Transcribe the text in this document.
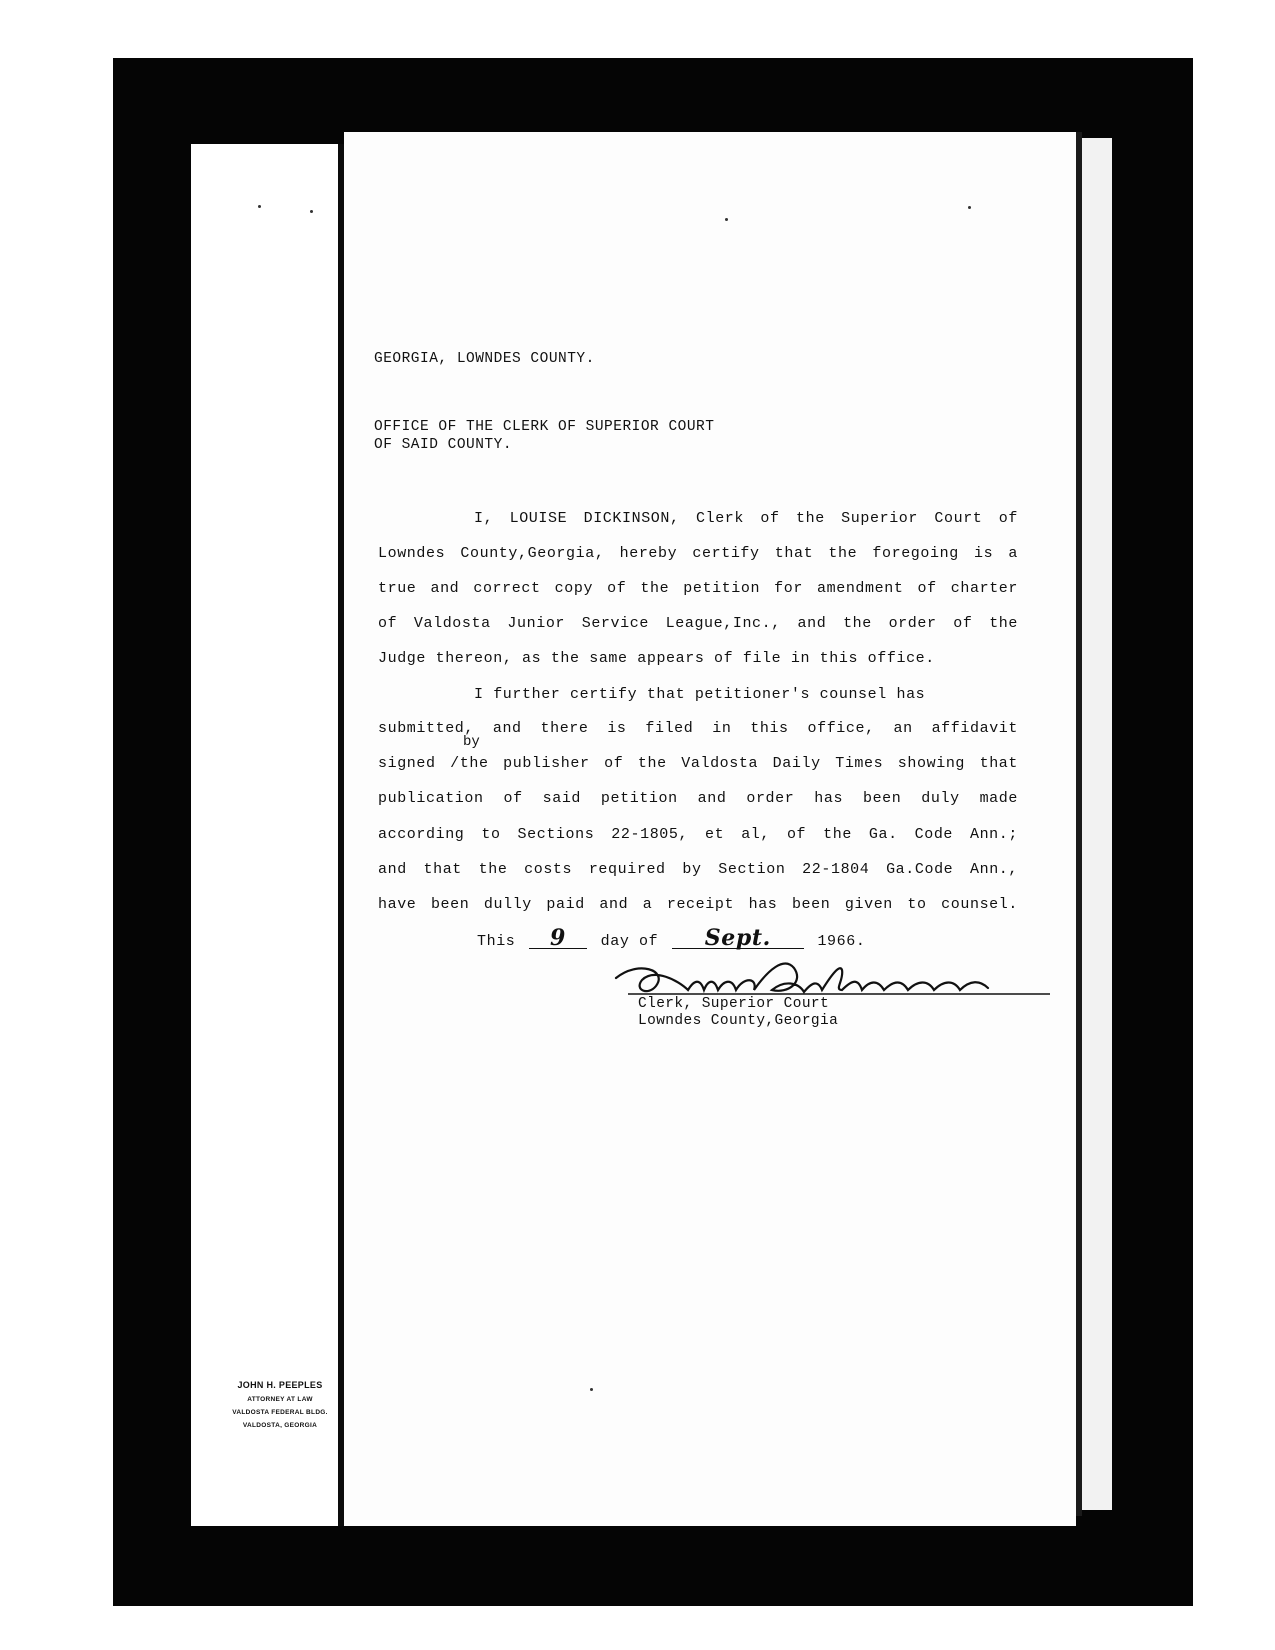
GEORGIA, LOWNDES COUNTY.
OFFICE OF THE CLERK OF SUPERIOR COURT
OF SAID COUNTY.
I, LOUISE DICKINSON, Clerk of the Superior Court of
Lowndes County,Georgia, hereby certify that the foregoing is a
true and correct copy of the petition for amendment of charter
of Valdosta Junior Service League,Inc., and the order of the
Judge thereon, as the same appears of file in this office.
I further certify that petitioner's counsel has
submitted, and there is filed in this office, an affidavit
by
signed /the publisher of the Valdosta Daily Times showing that
publication of said petition and order has been duly made
according to Sections 22-1805, et al, of the Ga. Code Ann.;
and that the costs required by Section 22-1804 Ga.Code Ann.,
have been dully paid and a receipt has been given to counsel.
This 9 day of Sept.	1966.
Clerk, Superior Court
Lowndes County,Georgia
JOHN H. PEEPLES
ATTORNEY AT LAW
VALDOSTA FEDERAL BLDG.
VALDOSTA, GEORGIA
